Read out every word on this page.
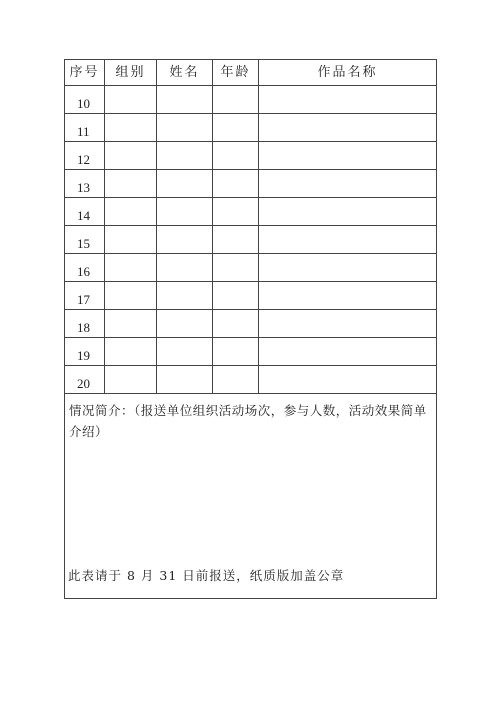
序号	组别	姓名	年龄	作品名称
10				
11				
12				
13				
14				
15				
16				
17				
18				
19				
20				
情况简介：（报送单位组织活动场次，参与人数，活动效果简单介绍）				
此表请于 8 月 31 日前报送，纸质版加盖公章
